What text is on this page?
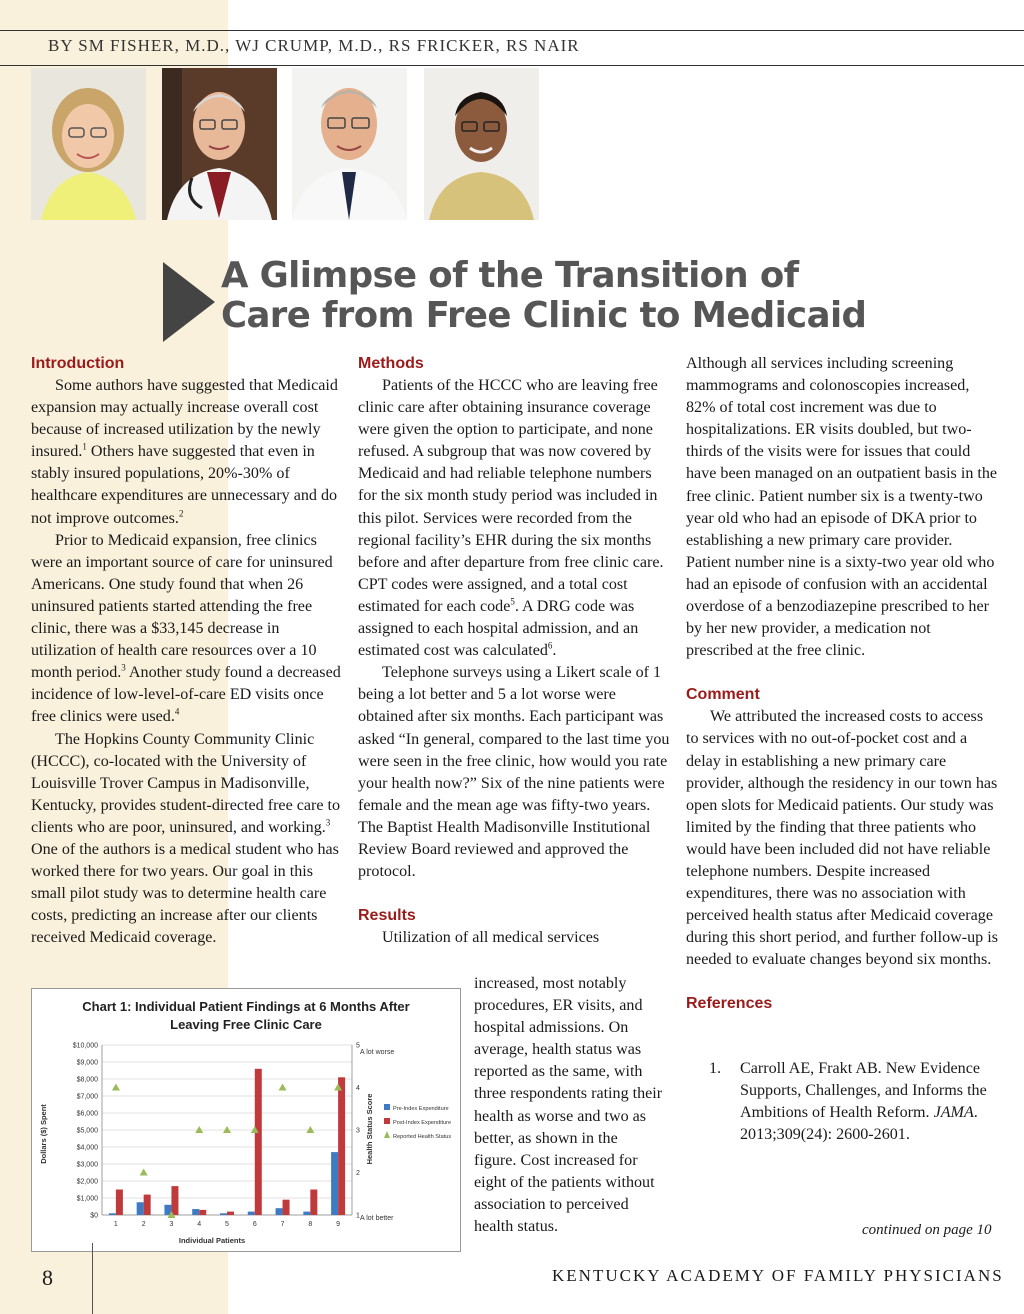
BY SM FISHER, M.D., WJ CRUMP, M.D., RS FRICKER, RS NAIR
A Glimpse of the Transition of
Care from Free Clinic to Medicaid
Introduction

Some authors have suggested that Medicaid expansion may actually increase overall cost because of increased utilization by the newly insured.$^1$ Others have suggested that even in stably insured populations, 20%-30% of healthcare expenditures are unnecessary and do not improve outcomes.$^2$

Prior to Medicaid expansion, free clinics were an important source of care for uninsured Americans. One study found that when 26 uninsured patients started attending the free clinic, there was a $33,145 decrease in utilization of health care resources over a 10 month period.$^3$ Another study found a decreased incidence of low-level-of-care ED visits once free clinics were used.$^4$

The Hopkins County Community Clinic (HCCC), co-located with the University of Louisville Trover Campus in Madisonville, Kentucky, provides student-directed free care to clients who are poor, uninsured, and working.$^3$ One of the authors is a medical student who has worked there for two years. Our goal in this small pilot study was to determine health care costs, predicting an increase after our clients received Medicaid coverage.

Methods

Patients of the HCCC who are leaving free clinic care after obtaining insurance coverage were given the option to participate, and none refused. A subgroup that was now covered by Medicaid and had reliable telephone numbers for the six month study period was included in this pilot. Services were recorded from the regional facility’s EHR during the six months before and after departure from free clinic care. CPT codes were assigned, and a total cost estimated for each code$^5$. A DRG code was assigned to each hospital admission, and an estimated cost was calculated$^6$.

Telephone surveys using a Likert scale of 1 being a lot better and 5 a lot worse were obtained after six months. Each participant was asked “In general, compared to the last time you were seen in the free clinic, how would you rate your health now?” Six of the nine patients were female and the mean age was fifty-two years. The Baptist Health Madisonville Institutional Review Board reviewed and approved the protocol.

Results

Utilization of all medical services

increased, most notably procedures, ER visits, and hospital admissions. On average, health status was reported as the same, with three respondents rating their health as worse and two as better, as shown in the figure. Cost increased for eight of the patients without association to perceived health status.

Although all services including screening mammograms and colonoscopies increased, 82% of total cost increment was due to hospitalizations. ER visits doubled, but two-thirds of the visits were for issues that could have been managed on an outpatient basis in the free clinic. Patient number six is a twenty-two year old who had an episode of DKA prior to establishing a new primary care provider. Patient number nine is a sixty-two year old who had an episode of confusion with an accidental overdose of a benzodiazepine prescribed to her by her new provider, a medication not prescribed at the free clinic.

Comment

We attributed the increased costs to access to services with no out-of-pocket cost and a delay in establishing a new primary care provider, although the residency in our town has open slots for Medicaid patients. Our study was limited by the finding that three patients who would have been included did not have reliable telephone numbers. Despite increased expenditures, there was no association with perceived health status after Medicaid coverage during this short period, and further follow-up is needed to evaluate changes beyond six months.

References
1. Carroll AE, Frakt AB. New Evidence Supports, Challenges, and Informs the Ambitions of Health Reform. JAMA. 2013;309(24): 2600-2601.
continued on page 10
Chart 1: Individual Patient Findings at 6 Months After
Leaving Free Clinic Care
$0
$1,000
$2,000
$3,000
$4,000
$5,000
$6,000
$7,000
$8,000
$9,000
$10,000
1
2
3
4
5
1	2	3	4	5	6	7	8	9
Pre-Index Expenditure
Post-Index Expenditure
Reported Health Status
Individual Patients
Dollars ($) Spent	Health Status Score
A lot worse
A lot better
8	KENTUCKY ACADEMY OF FAMILY PHYSICIANS
